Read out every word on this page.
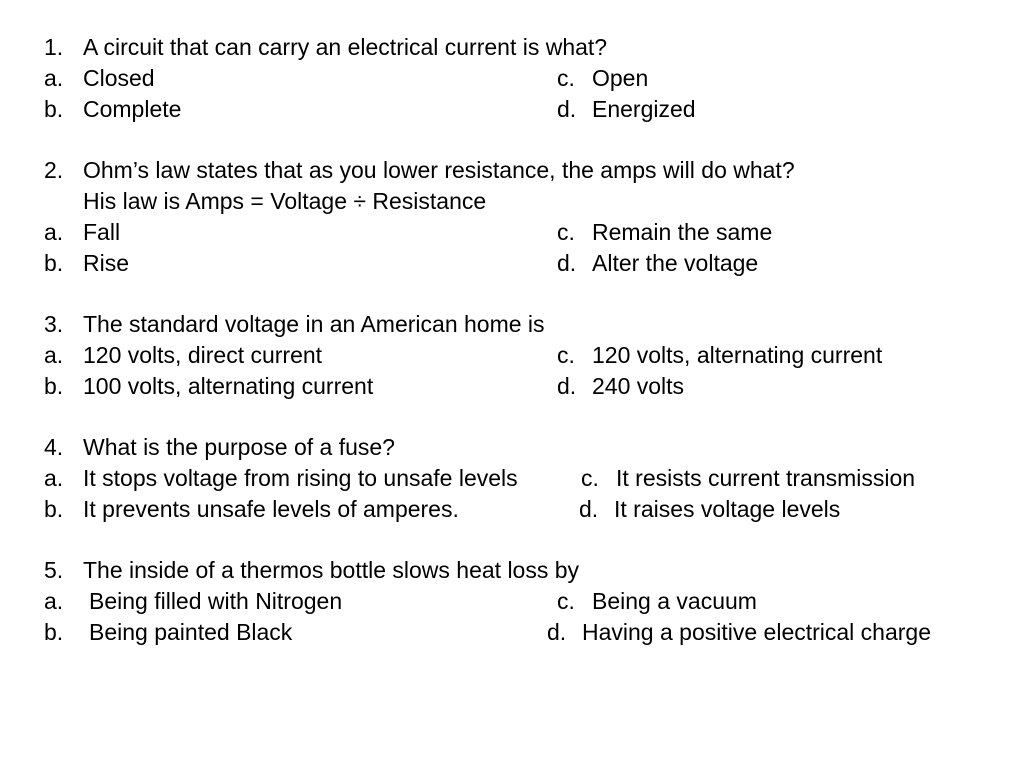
1. A circuit that can carry an electrical current is what?
a. Closed	c. Open
b. Complete	d. Energized
2. Ohm’s law states that as you lower resistance, the amps will do what?
His law is Amps = Voltage ÷ Resistance
a. Fall	c. Remain the same
b. Rise	d. Alter the voltage
3. The standard voltage in an American home is
a. 120 volts, direct current	c. 120 volts, alternating current
b. 100 volts, alternating current	d. 240 volts
4. What is the purpose of a fuse?
a. It stops voltage from rising to unsafe levels	c. It resists current transmission
b. It prevents unsafe levels of amperes.	d. It raises voltage levels
5. The inside of a thermos bottle slows heat loss by
a. Being filled with Nitrogen	c. Being a vacuum
b. Being painted Black	d. Having a positive electrical charge
